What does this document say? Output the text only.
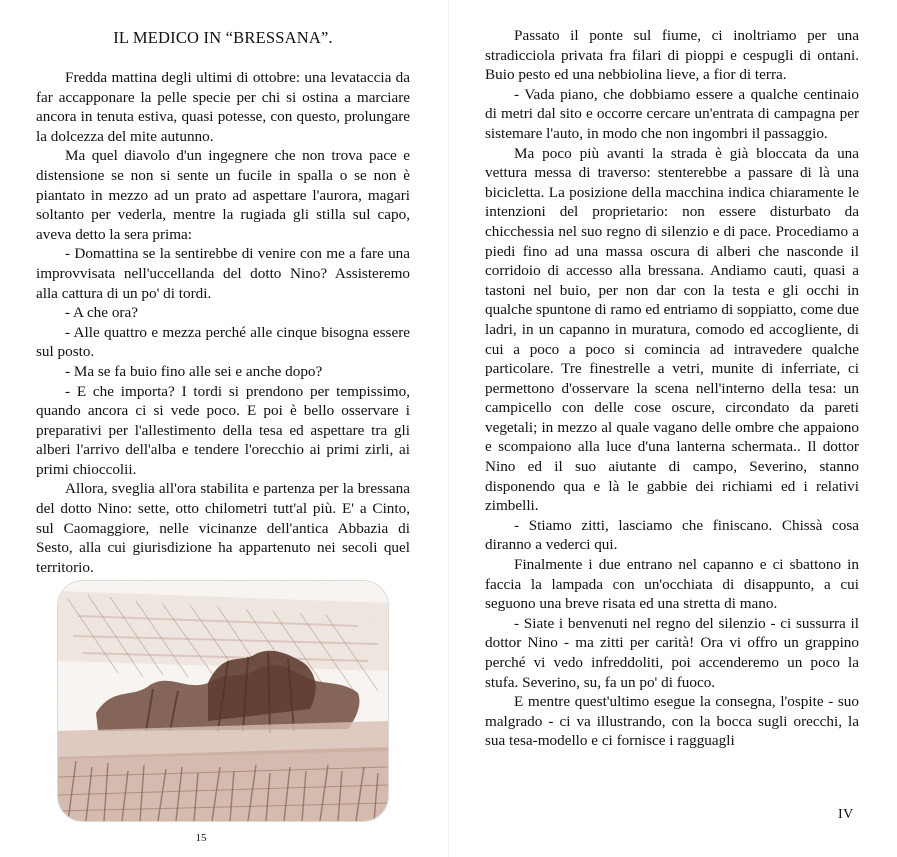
IL MEDICO IN “BRESSANA”.

Fredda mattina degli ultimi di ottobre: una levataccia da far accapponare la pelle specie per chi si ostina a marciare ancora in tenuta estiva, quasi potesse, con questo, prolungare la dolcezza del mite autunno.

Ma quel diavolo d'un ingegnere che non trova pace e distensione se non si sente un fucile in spalla o se non è piantato in mezzo ad un prato ad aspettare l'aurora, magari soltanto per vederla, mentre la rugiada gli stilla sul capo, aveva detto la sera prima:

- Domattina se la sentirebbe di venire con me a fare una improvvisata nell'uccellanda del dotto Nino? Assisteremo alla cattura di un po' di tordi.

- A che ora?

- Alle quattro e mezza perché alle cinque bisogna essere sul posto.

- Ma se fa buio fino alle sei e anche dopo?

- E che importa? I tordi si prendono per tempissimo, quando ancora ci si vede poco. E poi è bello osservare i preparativi per l'allestimento della tesa ed aspettare tra gli alberi l'arrivo dell'alba e tendere l'orecchio ai primi zirli, ai primi chioccolii.

Allora, sveglia all'ora stabilita e partenza per la bressana del dotto Nino: sette, otto chilometri tutt'al più. E' a Cinto, sul Caomaggiore, nelle vicinanze dell'antica Abbazia di Sesto, alla cui giurisdizione ha appartenuto nei secoli quel territorio.

15

Passato il ponte sul fiume, ci inoltriamo per una stradicciola privata fra filari di pioppi e cespugli di ontani. Buio pesto ed una nebbiolina lieve, a fior di terra.

- Vada piano, che dobbiamo essere a qualche centinaio di metri dal sito e occorre cercare un'entrata di campagna per sistemare l'auto, in modo che non ingombri il passaggio.

Ma poco più avanti la strada è già bloccata da una vettura messa di traverso: stenterebbe a passare di là una bicicletta. La posizione della macchina indica chiaramente le intenzioni del proprietario: non essere disturbato da chicchessia nel suo regno di silenzio e di pace. Procediamo a piedi fino ad una massa oscura di alberi che nasconde il corridoio di accesso alla bressana. Andiamo cauti, quasi a tastoni nel buio, per non dar con la testa e gli occhi in qualche spuntone di ramo ed entriamo di soppiatto, come due ladri, in un capanno in muratura, comodo ed accogliente, di cui a poco a poco si comincia ad intravedere qualche particolare. Tre finestrelle a vetri, munite di inferriate, ci permettono d'osservare la scena nell'interno della tesa: un campicello con delle cose oscure, circondato da pareti vegetali; in mezzo al quale vagano delle ombre che appaiono e scompaiono alla luce d'una lanterna schermata.. Il dottor Nino ed il suo aiutante di campo, Severino, stanno disponendo qua e là le gabbie dei richiami ed i relativi zimbelli.

- Stiamo zitti, lasciamo che finiscano. Chissà cosa diranno a vederci qui.

Finalmente i due entrano nel capanno e ci sbattono in faccia la lampada con un'occhiata di disappunto, a cui seguono una breve risata ed una stretta di mano.

- Siate i benvenuti nel regno del silenzio - ci sussurra il dottor Nino - ma zitti per carità! Ora vi offro un grappino perché vi vedo infreddoliti, poi accenderemo un poco la stufa. Severino, su, fa un po' di fuoco.

E mentre quest'ultimo esegue la consegna, l'ospite - suo malgrado - ci va illustrando, con la bocca sugli orecchi, la sua tesa-modello e ci fornisce i ragguagli

IV
